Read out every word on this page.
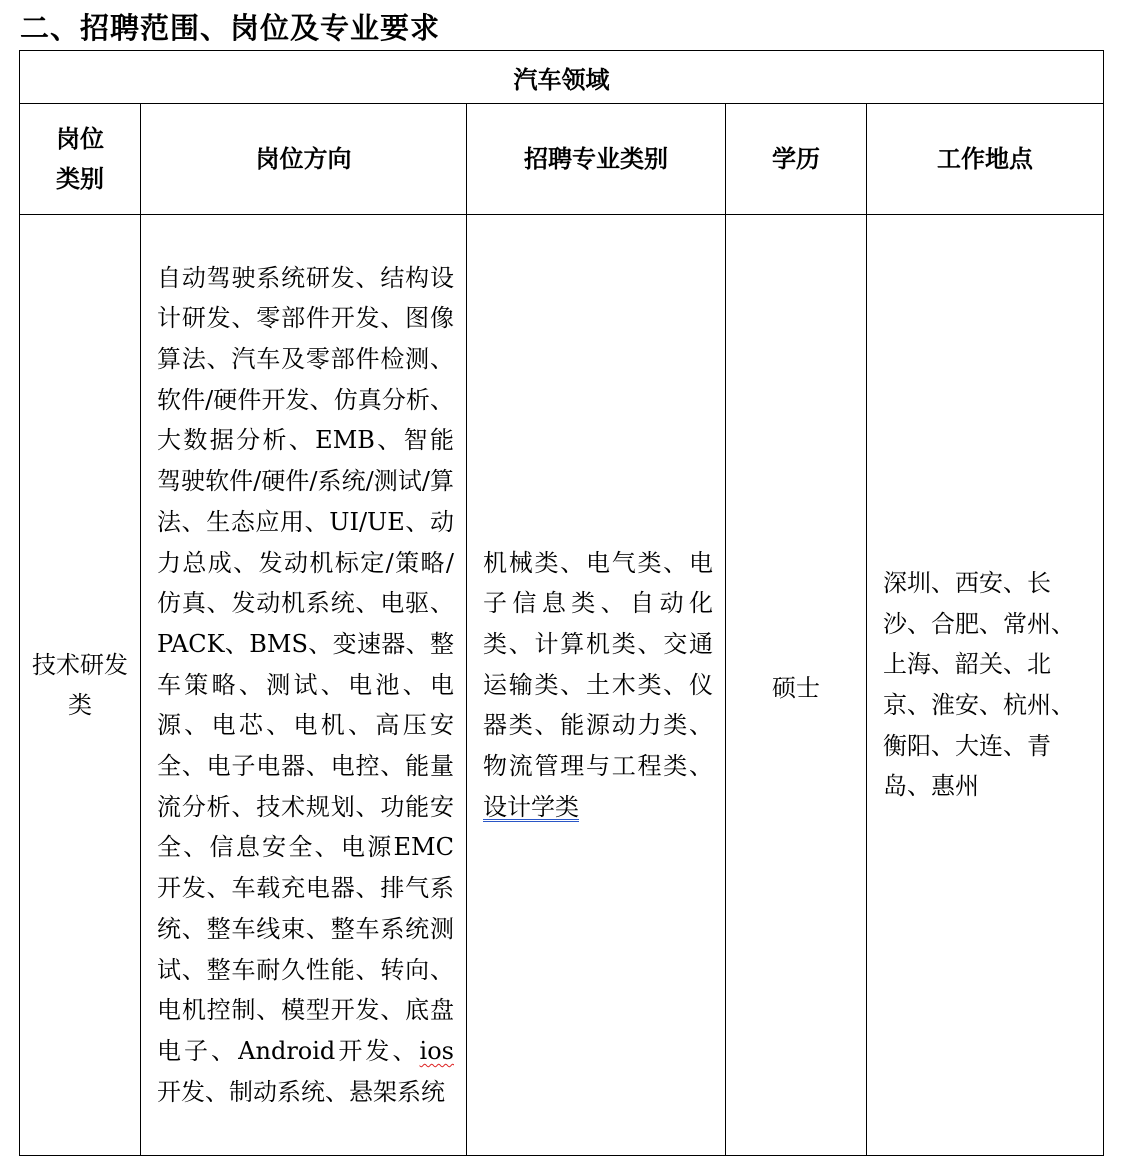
二、招聘范围、岗位及专业要求
汽车领域				

岗位类别	岗位方向	招聘专业类别	学历	工作地点

技术研发类	自动驾驶系统研发、结构设计研发、零部件开发、图像算法、汽车及零部件检测、软件/硬件开发、仿真分析、大数据分析、EMB、智能驾驶软件/硬件/系统/测试/算法、生态应用、UI/UE、动力总成、发动机标定/策略/仿真、发动机系统、电驱、PACK、BMS、变速器、整车策略、测试、电池、电源、电芯、电机、高压安全、电子电器、电控、能量流分析、技术规划、功能安全、信息安全、电源EMC开发、车载充电器、排气系统、整车线束、整车系统测试、整车耐久性能、转向、电机控制、模型开发、底盘电子、Android开发、ios开发、制动系统、悬架系统	机械类、电气类、电子信息类、自动化类、计算机类、交通运输类、土木类、仪器类、能源动力类、物流管理与工程类、设计学类	硕士	深圳、西安、长沙、合肥、常州、上海、韶关、北京、淮安、杭州、衡阳、大连、青岛、惠州
